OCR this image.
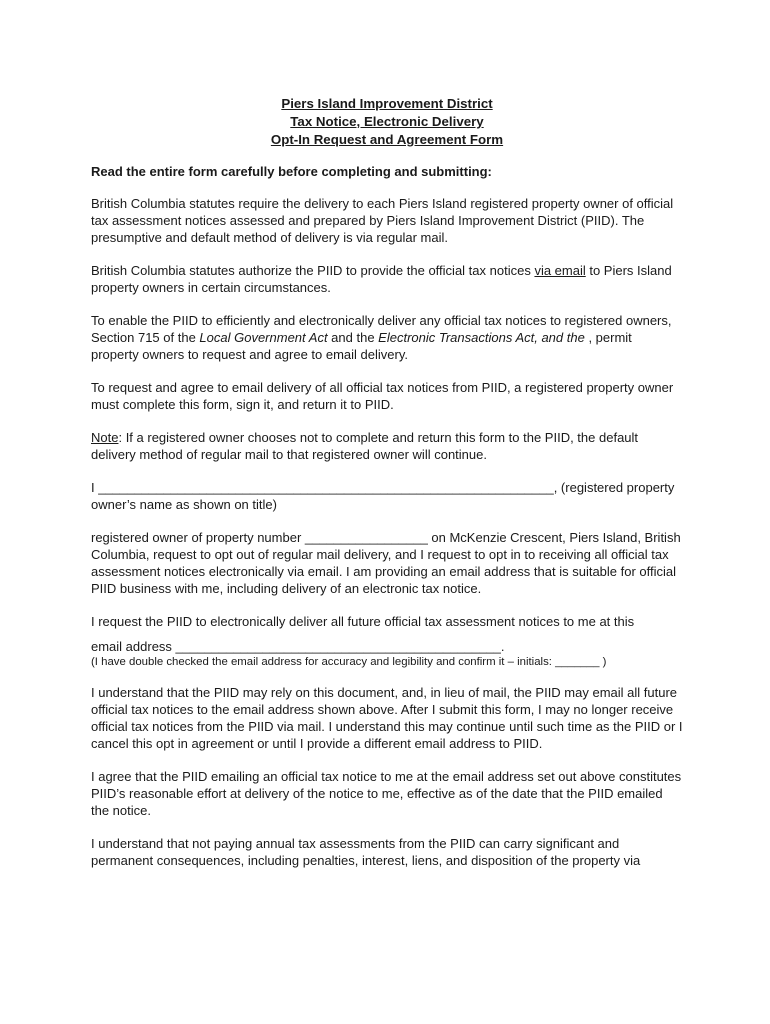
Piers Island Improvement District
Tax Notice, Electronic Delivery
Opt-In Request and Agreement Form
Read the entire form carefully before completing and submitting:

British Columbia statutes require the delivery to each Piers Island registered property owner of official tax assessment notices assessed and prepared by Piers Island Improvement District (PIID). The presumptive and default method of delivery is via regular mail.

British Columbia statutes authorize the PIID to provide the official tax notices via email to Piers Island property owners in certain circumstances.

To enable the PIID to efficiently and electronically deliver any official tax notices to registered owners, Section 715 of the Local Government Act and the Electronic Transactions Act, and the , permit property owners to request and agree to email delivery.

To request and agree to email delivery of all official tax notices from PIID, a registered property owner must complete this form, sign it, and return it to PIID.

Note: If a registered owner chooses not to complete and return this form to the PIID, the default delivery method of regular mail to that registered owner will continue.

I _______________________________________________________________, (registered property owner’s name as shown on title)

registered owner of property number _________________ on McKenzie Crescent, Piers Island, British Columbia, request to opt out of regular mail delivery, and I request to opt in to receiving all official tax assessment notices electronically via email. I am providing an email address that is suitable for official PIID business with me, including delivery of an electronic tax notice.

I request the PIID to electronically deliver all future official tax assessment notices to me at this

email address _____________________________________________.

(I have double checked the email address for accuracy and legibility and confirm it – initials: _______ )

I understand that the PIID may rely on this document, and, in lieu of mail, the PIID may email all future official tax notices to the email address shown above. After I submit this form, I may no longer receive official tax notices from the PIID via mail. I understand this may continue until such time as the PIID or I cancel this opt in agreement or until I provide a different email address to PIID.

I agree that the PIID emailing an official tax notice to me at the email address set out above constitutes PIID’s reasonable effort at delivery of the notice to me, effective as of the date that the PIID emailed the notice.

I understand that not paying annual tax assessments from the PIID can carry significant and permanent consequences, including penalties, interest, liens, and disposition of the property via
